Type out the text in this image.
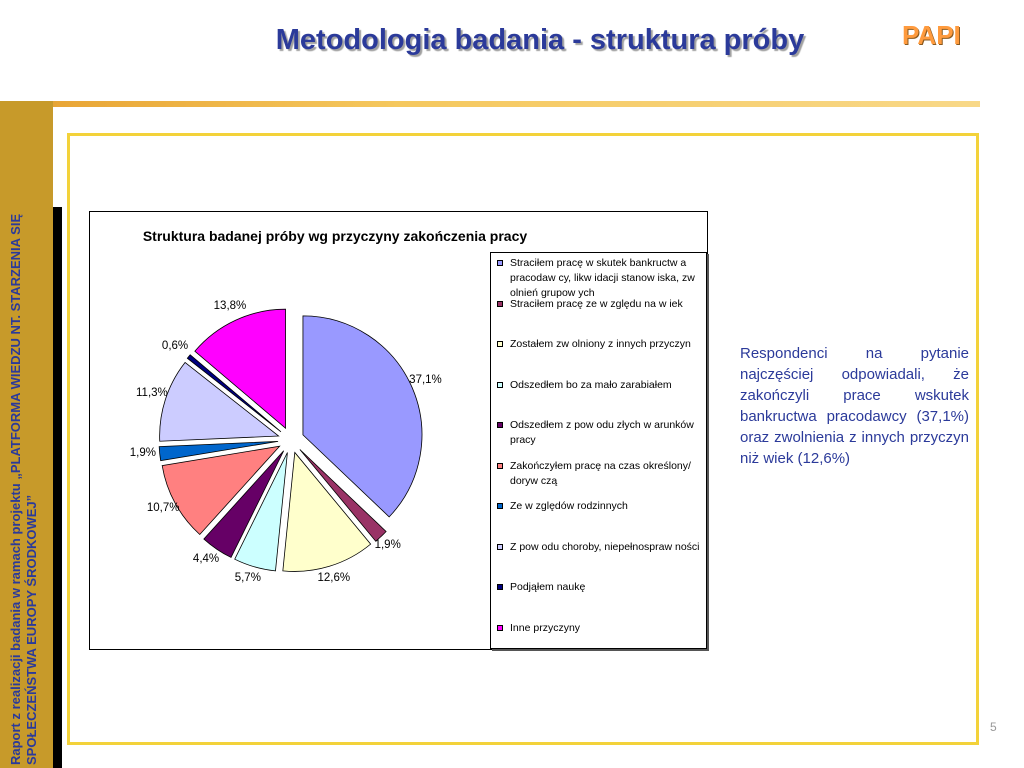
Metodologia badania - struktura próby	PAPI
Raport z realizacji badania w ramach projektu „PLATFORMA WIEDZU NT. STARZENIA SIĘ SPOŁECZEŃSTWA EUROPY ŚRODKOWEJ”
Struktura badanej próby wg przyczyny zakończenia pracy
37,1%
1,9%
12,6%
5,7%
4,4%
10,7%
1,9%
11,3%
0,6%
13,8%
Straciłem pracę w skutek bankructw a pracodaw cy, likw idacji stanow iska, zw olnień grupow ych
Straciłem pracę ze w zględu na w iek
Zostałem zw olniony z innych przyczyn
Odszedłem bo za mało zarabiałem
Odszedłem z pow odu złych w arunków pracy
Zakończyłem pracę na czas określony/ doryw czą
Ze w zględów rodzinnych
Z pow odu choroby, niepełnospraw ności
Podjąłem naukę
Inne przyczyny
Respondenci na pytanie najczęściej odpowiadali, że zakończyli prace wskutek bankructwa pracodawcy (37,1%) oraz zwolnienia z innych przyczyn niż wiek (12,6%)
5
